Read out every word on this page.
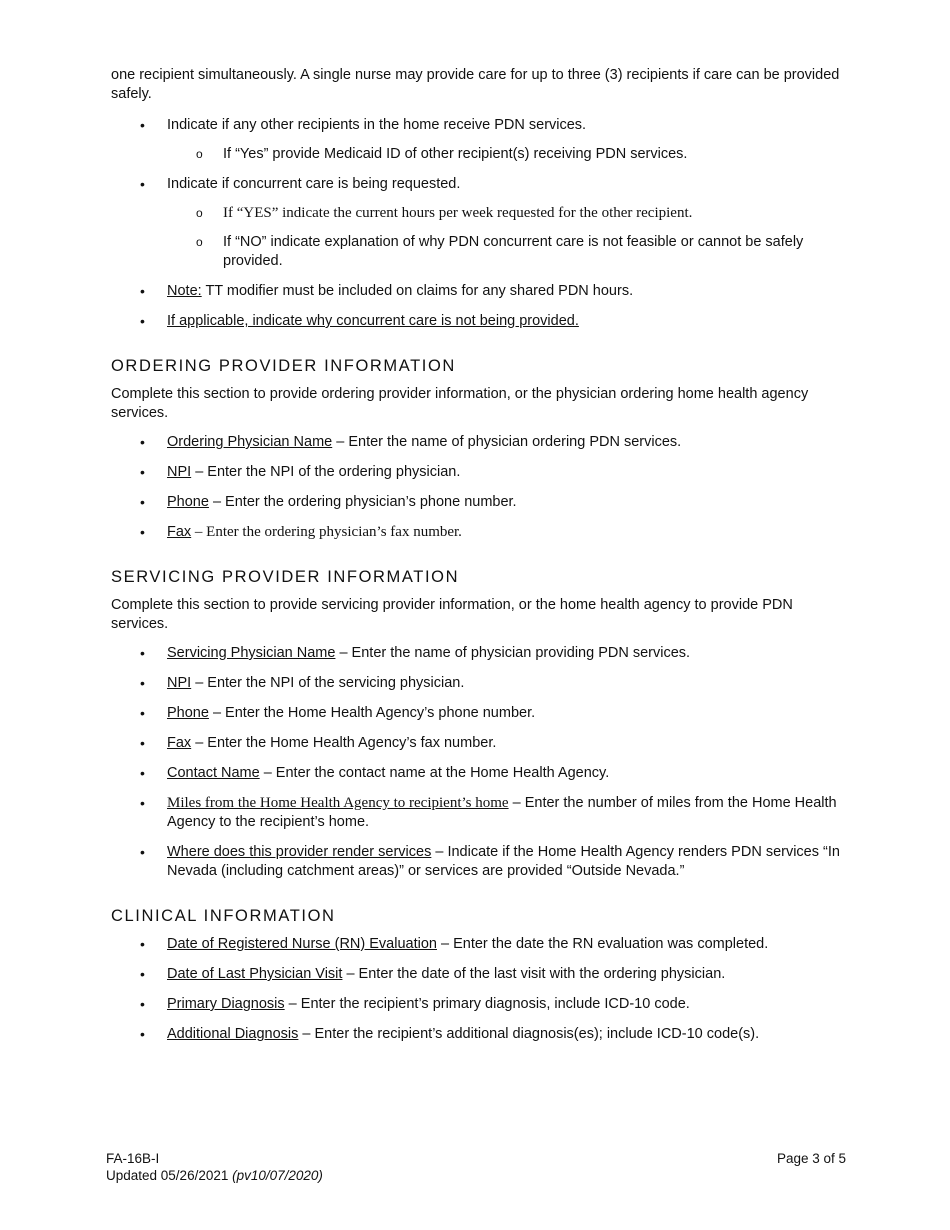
one recipient simultaneously. A single nurse may provide care for up to three (3) recipients if care can be provided safely.

• Indicate if any other recipients in the home receive PDN services.
o If “Yes” provide Medicaid ID of other recipient(s) receiving PDN services.
• Indicate if concurrent care is being requested.
o If “YES” indicate the current hours per week requested for the other recipient.
o If “NO” indicate explanation of why PDN concurrent care is not feasible or cannot be safely provided.
• Note: TT modifier must be included on claims for any shared PDN hours.
• If applicable, indicate why concurrent care is not being provided.
ORDERING PROVIDER INFORMATION

Complete this section to provide ordering provider information, or the physician ordering home health agency services.

• Ordering Physician Name – Enter the name of physician ordering PDN services.
• NPI – Enter the NPI of the ordering physician.
• Phone – Enter the ordering physician’s phone number.
• Fax – Enter the ordering physician’s fax number.
SERVICING PROVIDER INFORMATION

Complete this section to provide servicing provider information, or the home health agency to provide PDN services.

• Servicing Physician Name – Enter the name of physician providing PDN services.
• NPI – Enter the NPI of the servicing physician.
• Phone – Enter the Home Health Agency’s phone number.
• Fax – Enter the Home Health Agency’s fax number.
• Contact Name – Enter the contact name at the Home Health Agency.
• Miles from the Home Health Agency to recipient’s home – Enter the number of miles from the Home Health Agency to the recipient’s home.
• Where does this provider render services – Indicate if the Home Health Agency renders PDN services “In Nevada (including catchment areas)” or services are provided “Outside Nevada.”
CLINICAL INFORMATION
• Date of Registered Nurse (RN) Evaluation – Enter the date the RN evaluation was completed.
• Date of Last Physician Visit – Enter the date of the last visit with the ordering physician.
• Primary Diagnosis – Enter the recipient’s primary diagnosis, include ICD-10 code.
• Additional Diagnosis – Enter the recipient’s additional diagnosis(es); include ICD-10 code(s).
FA-16B-I
Updated 05/26/2021 (pv10/07/2020)
Page 3 of 5
